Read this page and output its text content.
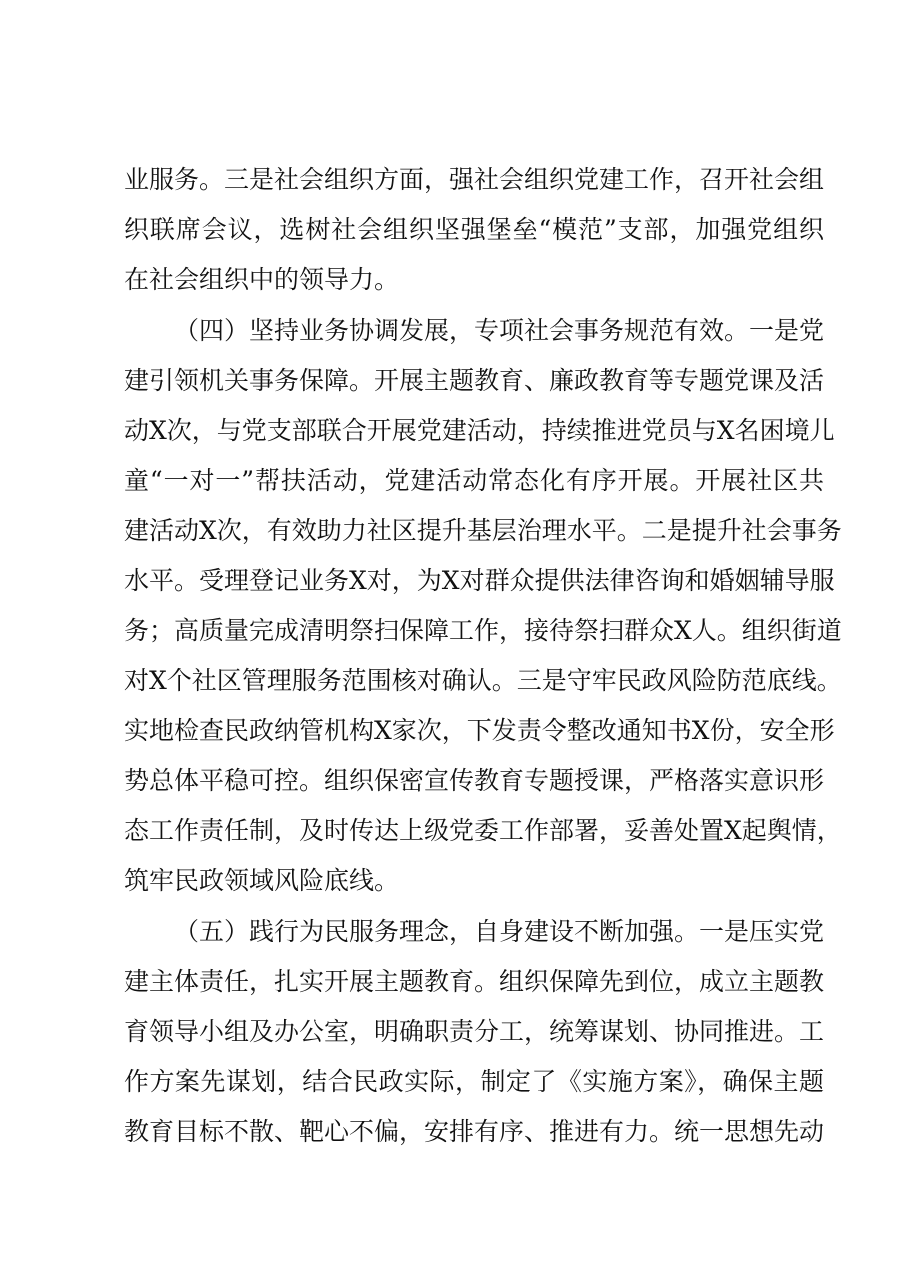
业服务。三是社会组织方面，强社会组织党建工作，召开社会组
织联席会议，选树社会组织坚强堡垒“模范”支部，加强党组织
在社会组织中的领导力。
（四）坚持业务协调发展，专项社会事务规范有效。一是党
建引领机关事务保障。开展主题教育、廉政教育等专题党课及活
动X次，与党支部联合开展党建活动，持续推进党员与X名困境儿
童“一对一”帮扶活动，党建活动常态化有序开展。开展社区共
建活动X次，有效助力社区提升基层治理水平。二是提升社会事务
水平。受理登记业务X对，为X对群众提供法律咨询和婚姻辅导服
务；高质量完成清明祭扫保障工作，接待祭扫群众X人。组织街道
对X个社区管理服务范围核对确认。三是守牢民政风险防范底线。
实地检查民政纳管机构X家次，下发责令整改通知书X份，安全形
势总体平稳可控。组织保密宣传教育专题授课，严格落实意识形
态工作责任制，及时传达上级党委工作部署，妥善处置X起舆情，
筑牢民政领域风险底线。
（五）践行为民服务理念，自身建设不断加强。一是压实党
建主体责任，扎实开展主题教育。组织保障先到位，成立主题教
育领导小组及办公室，明确职责分工，统筹谋划、协同推进。工
作方案先谋划，结合民政实际，制定了《实施方案》，确保主题
教育目标不散、靶心不偏，安排有序、推进有力。统一思想先动
